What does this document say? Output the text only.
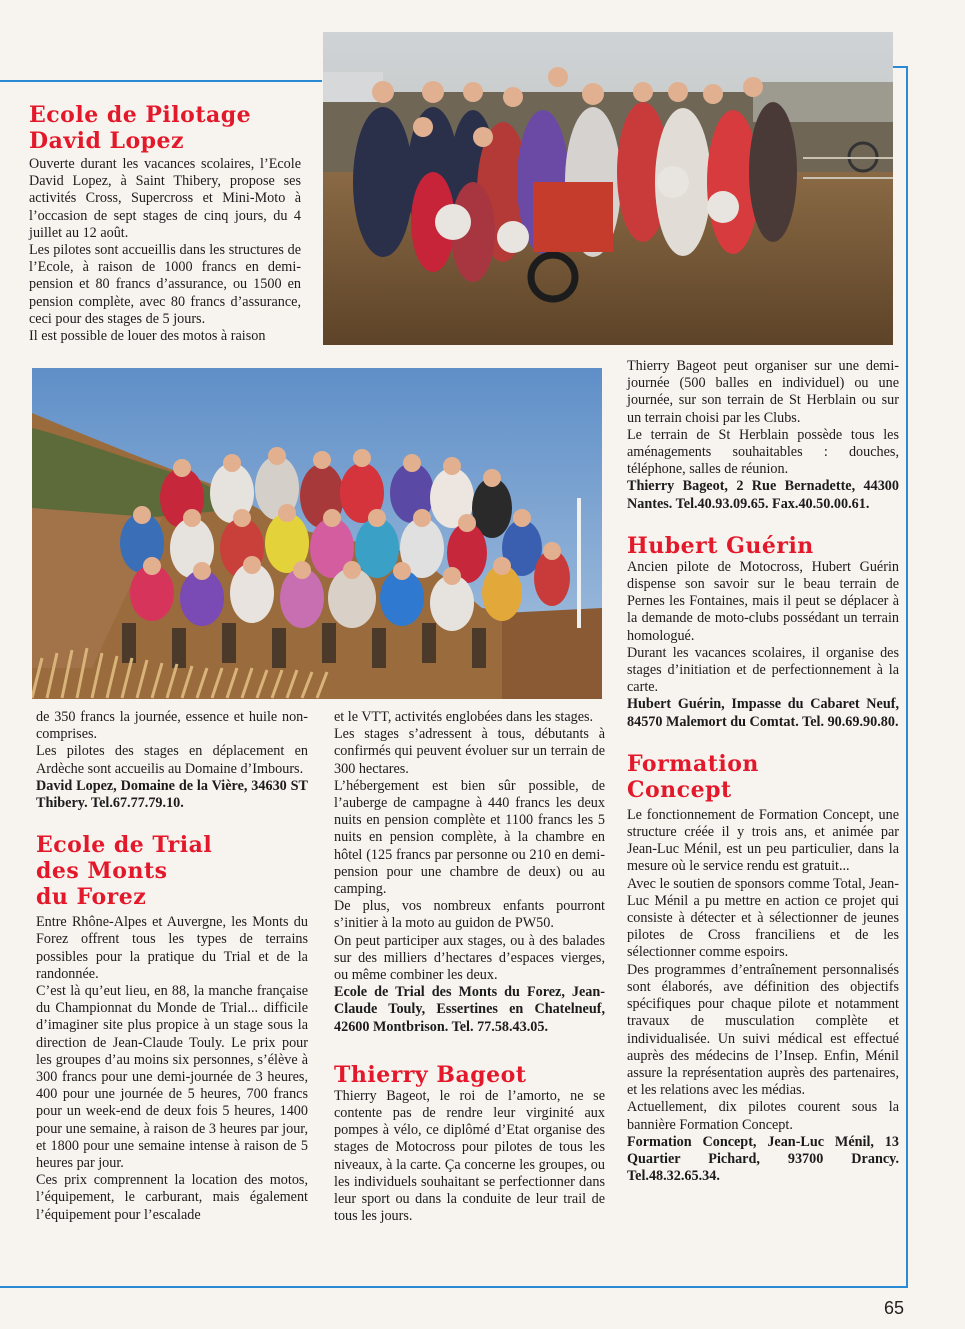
Ecole de Pilotage
David Lopez

Ouverte durant les vacances scolaires, l’Ecole David Lopez, à Saint Thibery, propose ses activités Cross, Supercross et Mini-Moto à l’occasion de sept stages de cinq jours, du 4 juillet au 12 août.

Les pilotes sont accueillis dans les structures de l’Ecole, à raison de 1000 francs en demi-pension et 80 francs d’assurance, ou 1500 en pension complète, avec 80 francs d’assurance, ceci pour des stages de 5 jours.

Il est possible de louer des motos à raison

de 350 francs la journée, essence et huile non-comprises.

Les pilotes des stages en déplacement en Ardèche sont accueilis au Domaine d’Imbours.

David Lopez, Domaine de la Vière, 34630 ST Thibery. Tel.67.77.79.10.

Ecole de Trial
des Monts
du Forez

Entre Rhône-Alpes et Auvergne, les Monts du Forez offrent tous les types de terrains possibles pour la pratique du Trial et de la randonnée.

C’est là qu’eut lieu, en 88, la manche française du Championnat du Monde de Trial... difficile d’imaginer site plus propice à un stage sous la direction de Jean-Claude Touly. Le prix pour les groupes d’au moins six personnes, s’élève à 300 francs pour une demi-journée de 3 heures, 400 pour une journée de 5 heures, 700 francs pour un week-end de deux fois 5 heures, 1400 pour une semaine, à raison de 3 heures par jour, et 1800 pour une semaine intense à raison de 5 heures par jour.

Ces prix comprennent la location des motos, l’équipement, le carburant, mais également l’équipement pour l’escalade

et le VTT, activités englobées dans les stages.

Les stages s’adressent à tous, débutants à confirmés qui peuvent évoluer sur un terrain de 300 hectares.

L’hébergement est bien sûr possible, de l’auberge de campagne à 440 francs les deux nuits en pension complète et 1100 francs les 5 nuits en pension complète, à la chambre en hôtel (125 francs par personne ou 210 en demi-pension pour une chambre de deux) ou au camping.

De plus, vos nombreux enfants pourront s’initier à la moto au guidon de PW50.

On peut participer aux stages, ou à des balades sur des milliers d’hectares d’espaces vierges, ou même combiner les deux.

Ecole de Trial des Monts du Forez, Jean-Claude Touly, Essertines en Chatelneuf, 42600 Montbrison. Tel. 77.58.43.05.

Thierry Bageot

Thierry Bageot, le roi de l’amorto, ne se contente pas de rendre leur virginité aux pompes à vélo, ce diplômé d’Etat organise des stages de Motocross pour pilotes de tous les niveaux, à la carte. Ça concerne les groupes, ou les individuels souhaitant se perfectionner dans leur sport ou dans la conduite de leur trail de tous les jours.

Thierry Bageot peut organiser sur une demi-journée (500 balles en individuel) ou une journée, sur son terrain de St Herblain ou sur un terrain choisi par les Clubs.

Le terrain de St Herblain possède tous les aménagements souhaitables : douches, téléphone, salles de réunion.

Thierry Bageot, 2 Rue Bernadette, 44300 Nantes. Tel.40.93.09.65. Fax.40.50.00.61.

Hubert Guérin

Ancien pilote de Motocross, Hubert Guérin dispense son savoir sur le beau terrain de Pernes les Fontaines, mais il peut se déplacer à la demande de moto-clubs possédant un terrain homologué.

Durant les vacances scolaires, il organise des stages d’initiation et de perfectionnement à la carte.

Hubert Guérin, Impasse du Cabaret Neuf, 84570 Malemort du Comtat. Tel. 90.69.90.80.

Formation
Concept

Le fonctionnement de Formation Concept, une structure créée il y trois ans, et animée par Jean-Luc Ménil, est un peu particulier, dans la mesure où le service rendu est gratuit...

Avec le soutien de sponsors comme Total, Jean-Luc Ménil a pu mettre en action ce projet qui consiste à détecter et à sélectionner de jeunes pilotes de Cross franciliens et de les sélectionner comme espoirs.

Des programmes d’entraînement personnalisés sont élaborés, ave définition des objectifs spécifiques pour chaque pilote et notamment travaux de musculation complète et individualisée. Un suivi médical est effectué auprès des médecins de l’Insep. Enfin, Ménil assure la représentation auprès des partenaires, et les relations avec les médias.

Actuellement, dix pilotes courent sous la bannière Formation Concept.

Formation Concept, Jean-Luc Ménil, 13 Quartier Pichard, 93700 Drancy. Tel.48.32.65.34.

65
